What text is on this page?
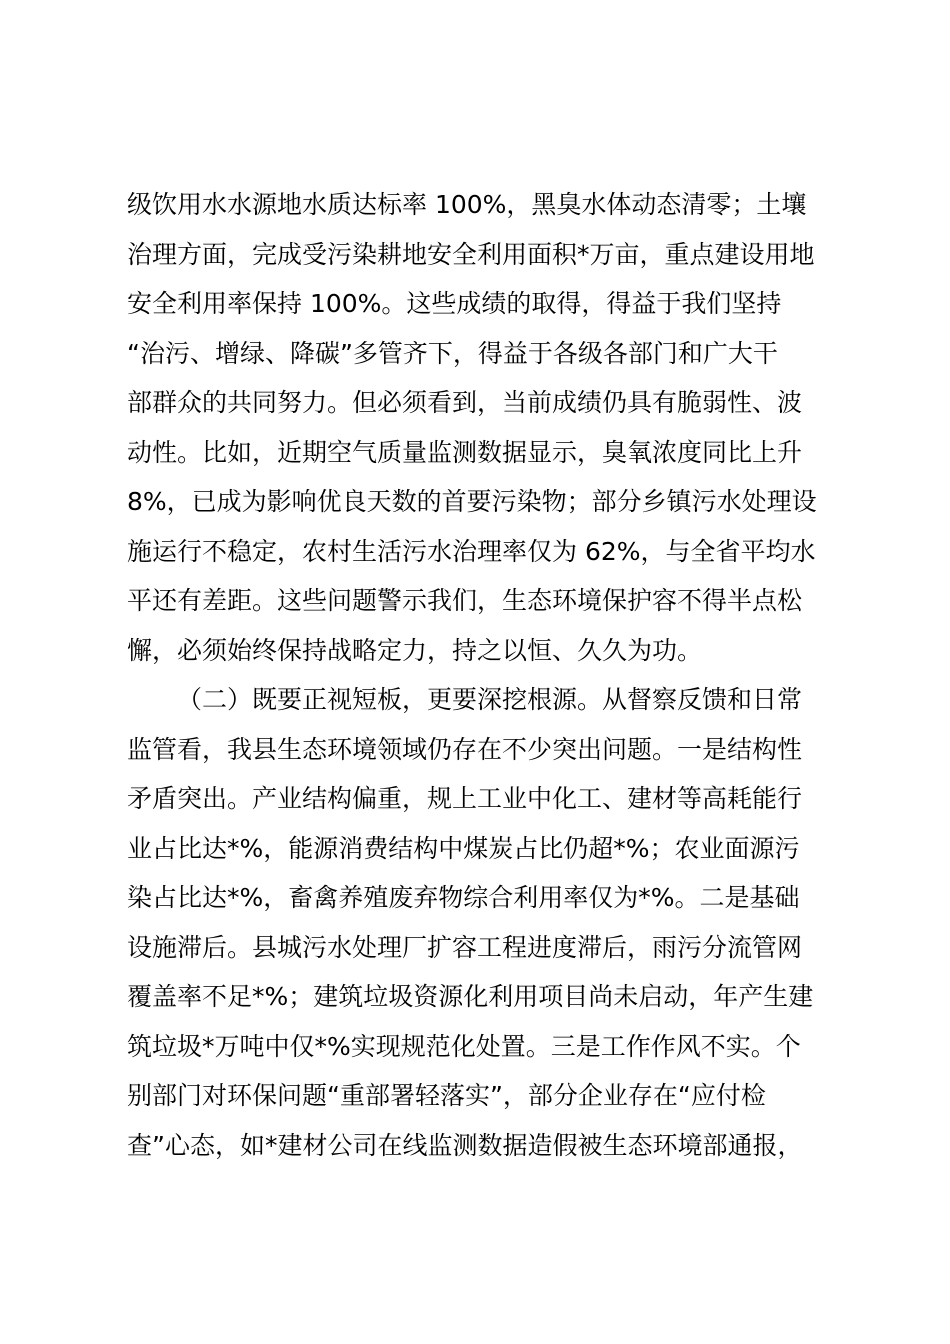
级饮用水水源地水质达标率 100%，黑臭水体动态清零；土壤
治理方面，完成受污染耕地安全利用面积*万亩，重点建设用地
安全利用率保持 100%。这些成绩的取得，得益于我们坚持
“治污、增绿、降碳”多管齐下，得益于各级各部门和广大干
部群众的共同努力。但必须看到，当前成绩仍具有脆弱性、波
动性。比如，近期空气质量监测数据显示，臭氧浓度同比上升
8%，已成为影响优良天数的首要污染物；部分乡镇污水处理设
施运行不稳定，农村生活污水治理率仅为 62%，与全省平均水
平还有差距。这些问题警示我们，生态环境保护容不得半点松
懈，必须始终保持战略定力，持之以恒、久久为功。
（二）既要正视短板，更要深挖根源。从督察反馈和日常
监管看，我县生态环境领域仍存在不少突出问题。一是结构性
矛盾突出。产业结构偏重，规上工业中化工、建材等高耗能行
业占比达*%，能源消费结构中煤炭占比仍超*%；农业面源污
染占比达*%，畜禽养殖废弃物综合利用率仅为*%。二是基础
设施滞后。县城污水处理厂扩容工程进度滞后，雨污分流管网
覆盖率不足*%；建筑垃圾资源化利用项目尚未启动，年产生建
筑垃圾*万吨中仅*%实现规范化处置。三是工作作风不实。个
别部门对环保问题“重部署轻落实”，部分企业存在“应付检
查”心态，如*建材公司在线监测数据造假被生态环境部通报，
